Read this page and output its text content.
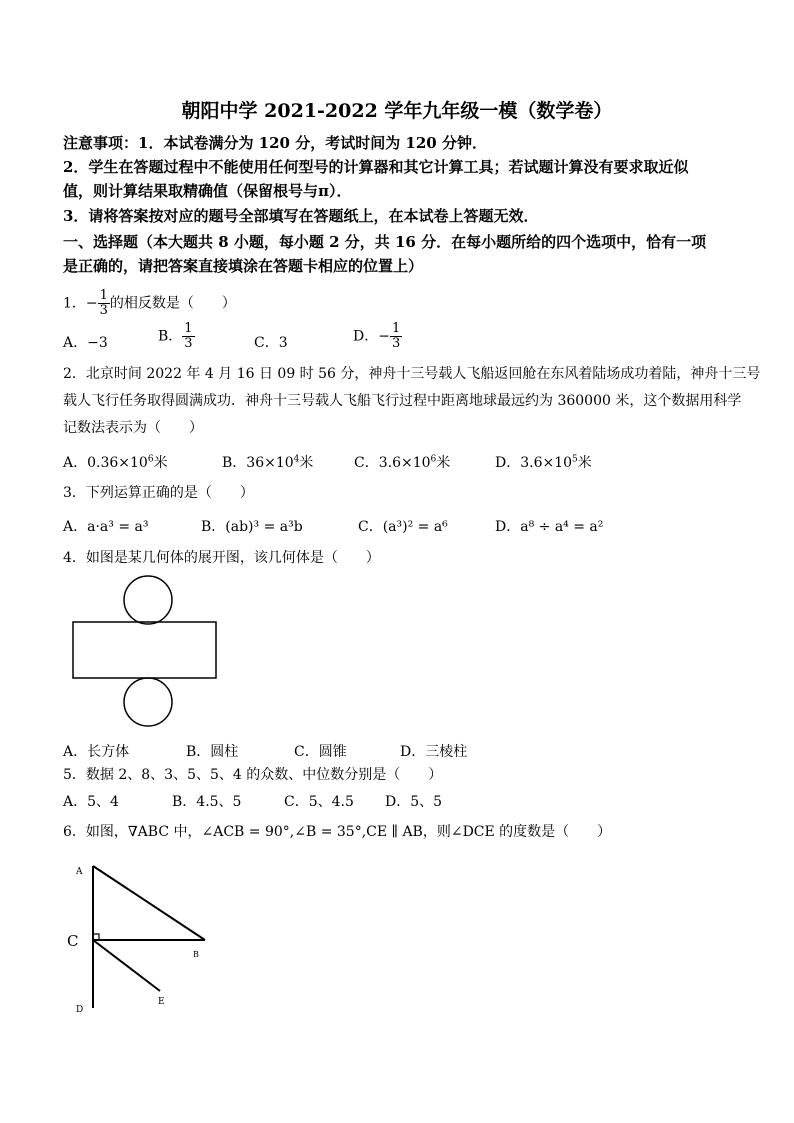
朝阳中学 2021-2022 学年九年级一模（数学卷）
注意事项：1．本试卷满分为 120 分，考试时间为 120 分钟．
2．学生在答题过程中不能使用任何型号的计算器和其它计算工具；若试题计算没有要求取近似
值，则计算结果取精确值（保留根号与π）．
3．请将答案按对应的题号全部填写在答题纸上，在本试卷上答题无效．
一、选择题（本大题共 8 小题，每小题 2 分，共 16 分．在每小题所给的四个选项中，恰有一项
是正确的，请把答案直接填涂在答题卡相应的位置上）
1．− $\frac{1}{3}$ 的相反数是（　　）
A．−3	B． $\frac{1}{3}$	C．3	D．− $\frac{1}{3}$
2．北京时间 2022 年 4 月 16 日 09 时 56 分，神舟十三号载人飞船返回舱在东风着陆场成功着陆，神舟十三号
载人飞行任务取得圆满成功．神舟十三号载人飞船飞行过程中距离地球最远约为 360000 米，这个数据用科学
记数法表示为（　　）
A．$0.36\times 10^6$米	B．$36\times 10^4$米	C．$3.6\times 10^6$米	D．$3.6\times 10^5$米
3．下列运算正确的是（　　）
A．a·a³ = a³	B．(ab)³ = a³b	C．(a³)² = a⁶	D．a⁸ ÷ a⁴ = a²
4．如图是某几何体的展开图，该几何体是（　　）
A．长方体	B．圆柱	C．圆锥	D．三棱柱
5．数据 2、8、3、5、5、4 的众数、中位数分别是（　　）
A．5、4	B．4.5、5	C．5、4.5 D．5、5
6．如图，∇ABC 中，∠ACB = 90°,∠B = 35°,CE ∥ AB，则∠DCE 的度数是（　　）
A
C
B
E
D
